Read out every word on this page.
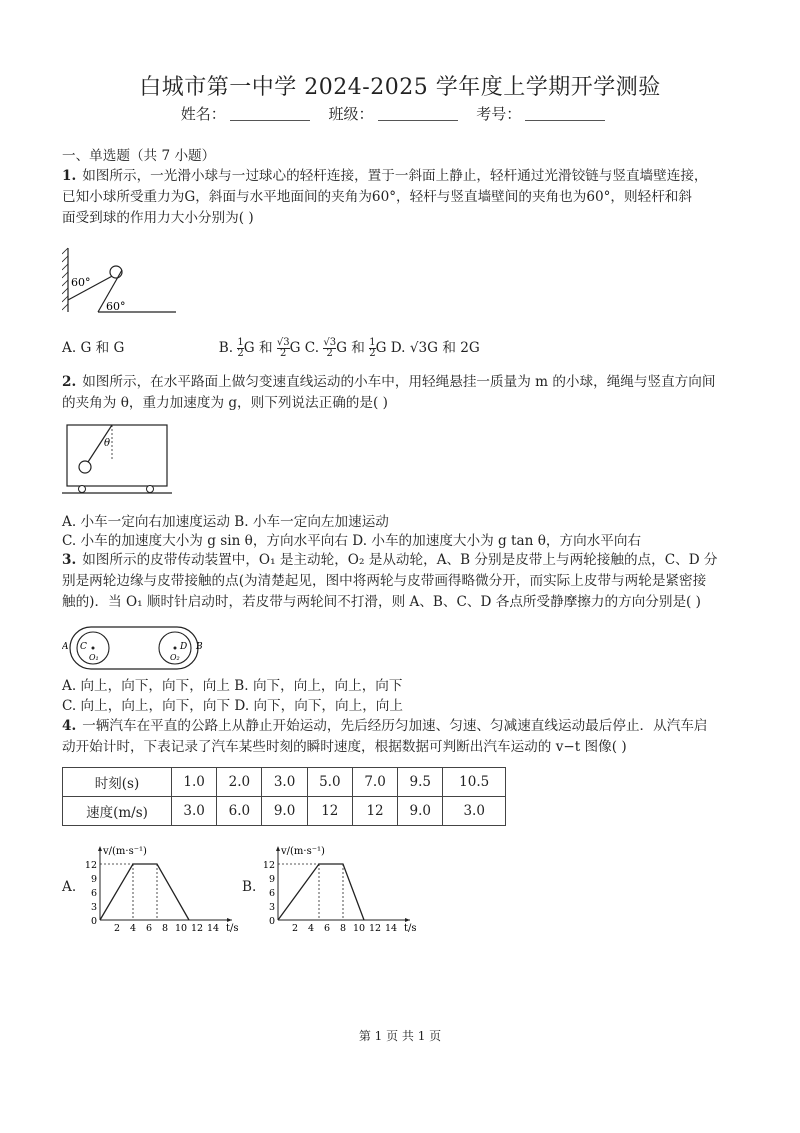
白城市第一中学 2024-2025 学年度上学期开学测验
姓名：	班级：	考号：
一、单选题（共 7 小题）
1. 如图所示，一光滑小球与一过球心的轻杆连接，置于一斜面上静止，轻杆通过光滑铰链与竖直墙壁连接，
已知小球所受重力为G，斜面与水平地面间的夹角为60°，轻杆与竖直墙壁间的夹角也为60°，则轻杆和斜
面受到球的作用力大小分别为( )
60°
60°
A. G 和 G	B. $\frac{1}{2}$ G 和 $\frac{√3}{2}$ G C. $\frac{√3}{2}$ G 和 $\frac{1}{2}$ G D. √3G 和 2G
2. 如图所示，在水平路面上做匀变速直线运动的小车中，用轻绳悬挂一质量为 m 的小球，绳绳与竖直方向间
的夹角为 θ，重力加速度为 g，则下列说法正确的是( )
θ
A. 小车一定向右加速度运动 B. 小车一定向左加速运动
C. 小车的加速度大小为 g sin θ，方向水平向右 D. 小车的加速度大小为 g tan θ，方向水平向右
3. 如图所示的皮带传动装置中，O₁ 是主动轮，O₂ 是从动轮，A、B 分别是皮带上与两轮接触的点，C、D 分
别是两轮边缘与皮带接触的点(为清楚起见，图中将两轮与皮带画得略微分开，而实际上皮带与两轮是紧密接
触的)．当 O₁ 顺时针启动时，若皮带与两轮间不打滑，则 A、B、C、D 各点所受静摩擦力的方向分别是( )
A C
O₁
D B
O₂
A. 向上，向下，向下，向上 B. 向下，向上，向上，向下
C. 向上，向上，向下，向下 D. 向下，向下，向上，向上
4. 一辆汽车在平直的公路上从静止开始运动，先后经历匀加速、匀速、匀减速直线运动最后停止．从汽车启
动开始计时，下表记录了汽车某些时刻的瞬时速度，根据数据可判断出汽车运动的 v−t 图像( )
时刻(s)	1.0	2.0	3.0	5.0	7.0	9.5	10.5
速度(m/s)	3.0	6.0	9.0	12	12	9.0	3.0
A.
v/(m·s⁻¹)
t/s
12
9
6
3
0
2 4 6 8 10 12 14
B.
v/(m·s⁻¹)
t/s
12
9
6
3
0
2 4 6 8 10 12 14
第 1 页 共 1 页
